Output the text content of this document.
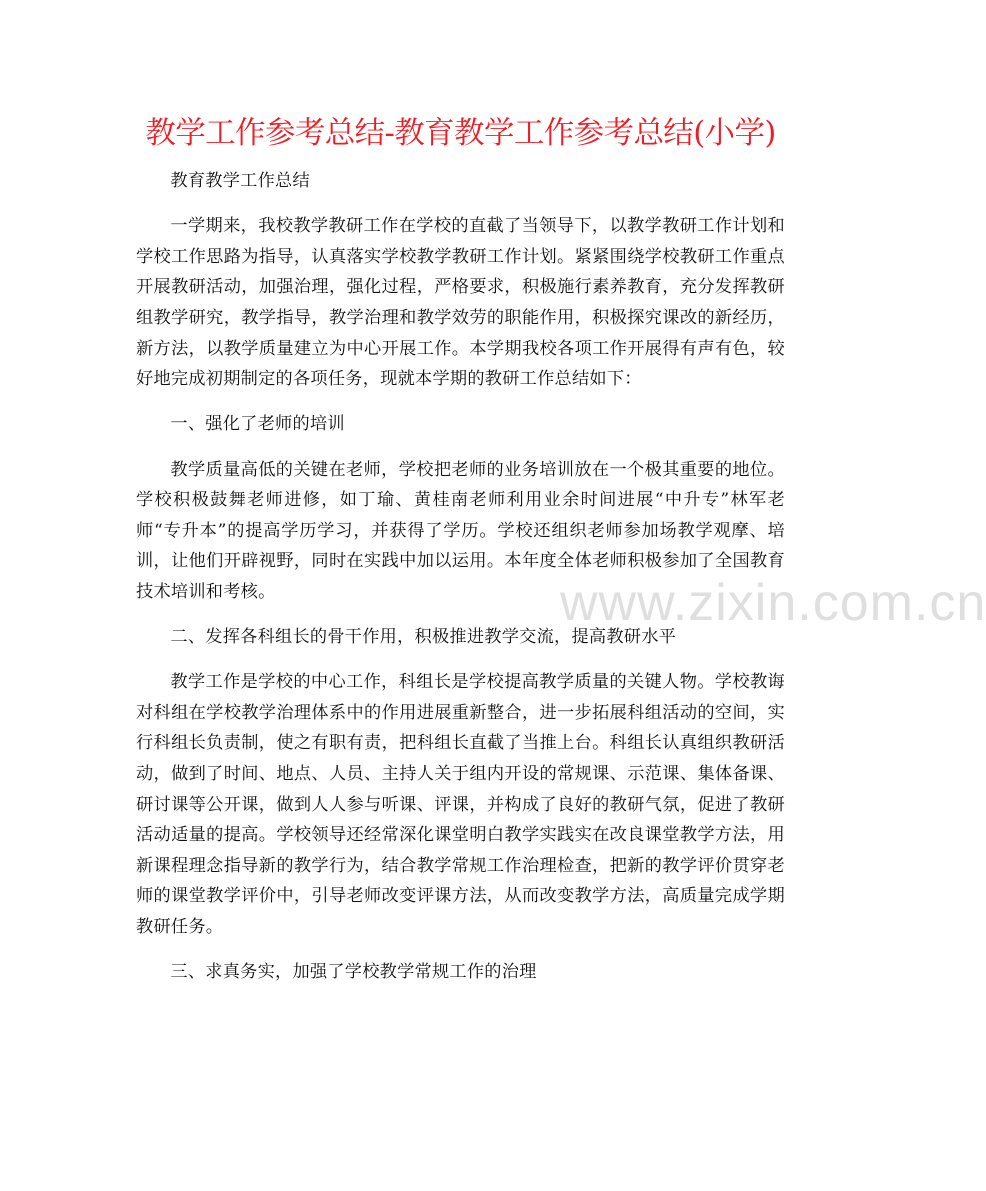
教学工作参考总结-教育教学工作参考总结(小学)

教育教学工作总结

一学期来，我校教学教研工作在学校的直截了当领导下，以教学教研工作计划和学校工作思路为指导，认真落实学校教学教研工作计划。紧紧围绕学校教研工作重点开展教研活动，加强治理，强化过程，严格要求，积极施行素养教育，充分发挥教研组教学研究，教学指导，教学治理和教学效劳的职能作用，积极探究课改的新经历，新方法，以教学质量建立为中心开展工作。本学期我校各项工作开展得有声有色，较好地完成初期制定的各项任务，现就本学期的教研工作总结如下：

一、强化了老师的培训

教学质量高低的关键在老师，学校把老师的业务培训放在一个极其重要的地位。学校积极鼓舞老师进修，如丁瑜、黄桂南老师利用业余时间进展“中升专”林军老师“专升本”的提高学历学习，并获得了学历。学校还组织老师参加场教学观摩、培训，让他们开辟视野，同时在实践中加以运用。本年度全体老师积极参加了全国教育技术培训和考核。

二、发挥各科组长的骨干作用，积极推进教学交流，提高教研水平

教学工作是学校的中心工作，科组长是学校提高教学质量的关键人物。学校教诲对科组在学校教学治理体系中的作用进展重新整合，进一步拓展科组活动的空间，实行科组长负责制，使之有职有责，把科组长直截了当推上台。科组长认真组织教研活动，做到了时间、地点、人员、主持人关于组内开设的常规课、示范课、集体备课、研讨课等公开课，做到人人参与听课、评课，并构成了良好的教研气氛，促进了教研活动适量的提高。学校领导还经常深化课堂明白教学实践实在改良课堂教学方法，用新课程理念指导新的教学行为，结合教学常规工作治理检查，把新的教学评价贯穿老师的课堂教学评价中，引导老师改变评课方法，从而改变教学方法，高质量完成学期教研任务。

三、求真务实，加强了学校教学常规工作的治理

www.zixin.com.cn
